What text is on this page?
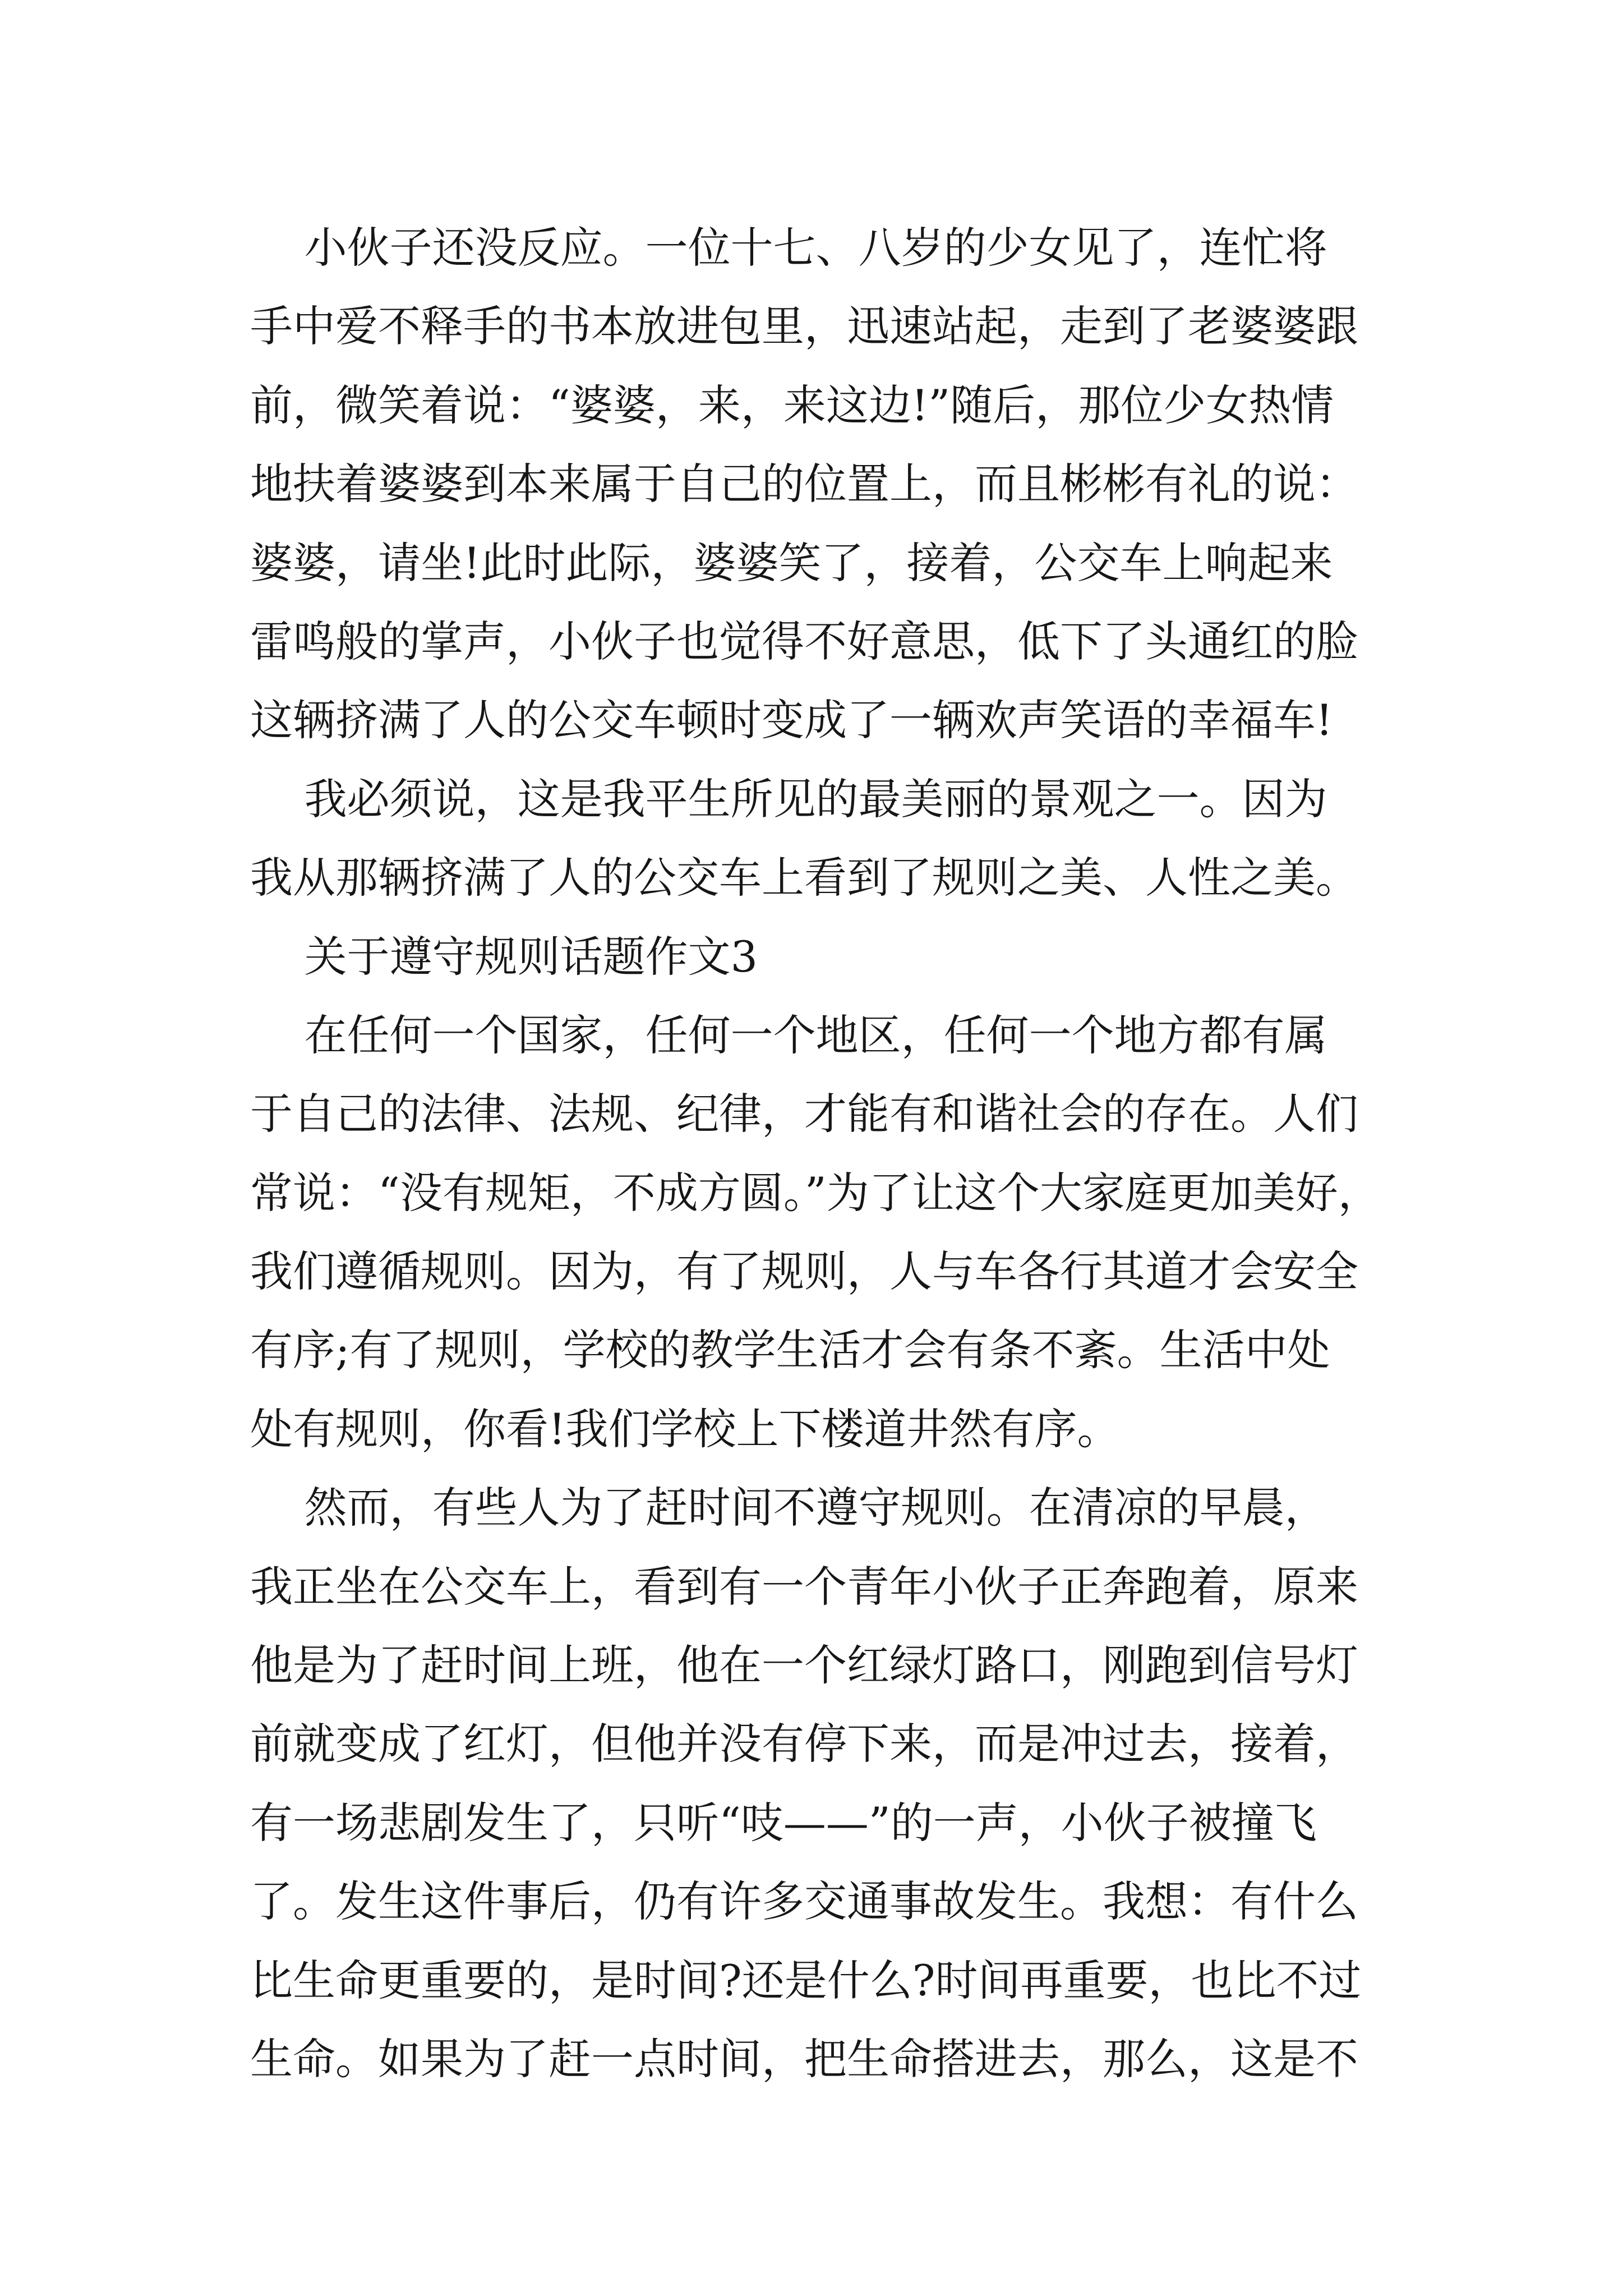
小伙子还没反应。一位十七、八岁的少女见了，连忙将
手中爱不释手的书本放进包里，迅速站起，走到了老婆婆跟
前，微笑着说：“婆婆，来，来这边!”随后，那位少女热情
地扶着婆婆到本来属于自己的位置上，而且彬彬有礼的说：
婆婆，请坐!此时此际，婆婆笑了，接着，公交车上响起来
雷鸣般的掌声，小伙子也觉得不好意思，低下了头通红的脸
这辆挤满了人的公交车顿时变成了一辆欢声笑语的幸福车!
我必须说，这是我平生所见的最美丽的景观之一。因为
我从那辆挤满了人的公交车上看到了规则之美、人性之美。
关于遵守规则话题作文3
在任何一个国家，任何一个地区，任何一个地方都有属
于自己的法律、法规、纪律，才能有和谐社会的存在。人们
常说：“没有规矩，不成方圆。”为了让这个大家庭更加美好，
我们遵循规则。因为，有了规则，人与车各行其道才会安全
有序;有了规则，学校的教学生活才会有条不紊。生活中处
处有规则，你看!我们学校上下楼道井然有序。
然而，有些人为了赶时间不遵守规则。在清凉的早晨，
我正坐在公交车上，看到有一个青年小伙子正奔跑着，原来
他是为了赶时间上班，他在一个红绿灯路口，刚跑到信号灯
前就变成了红灯，但他并没有停下来，而是冲过去，接着，
有一场悲剧发生了，只听“吱——”的一声，小伙子被撞飞
了。发生这件事后，仍有许多交通事故发生。我想：有什么
比生命更重要的，是时间?还是什么?时间再重要，也比不过
生命。如果为了赶一点时间，把生命搭进去，那么，这是不
